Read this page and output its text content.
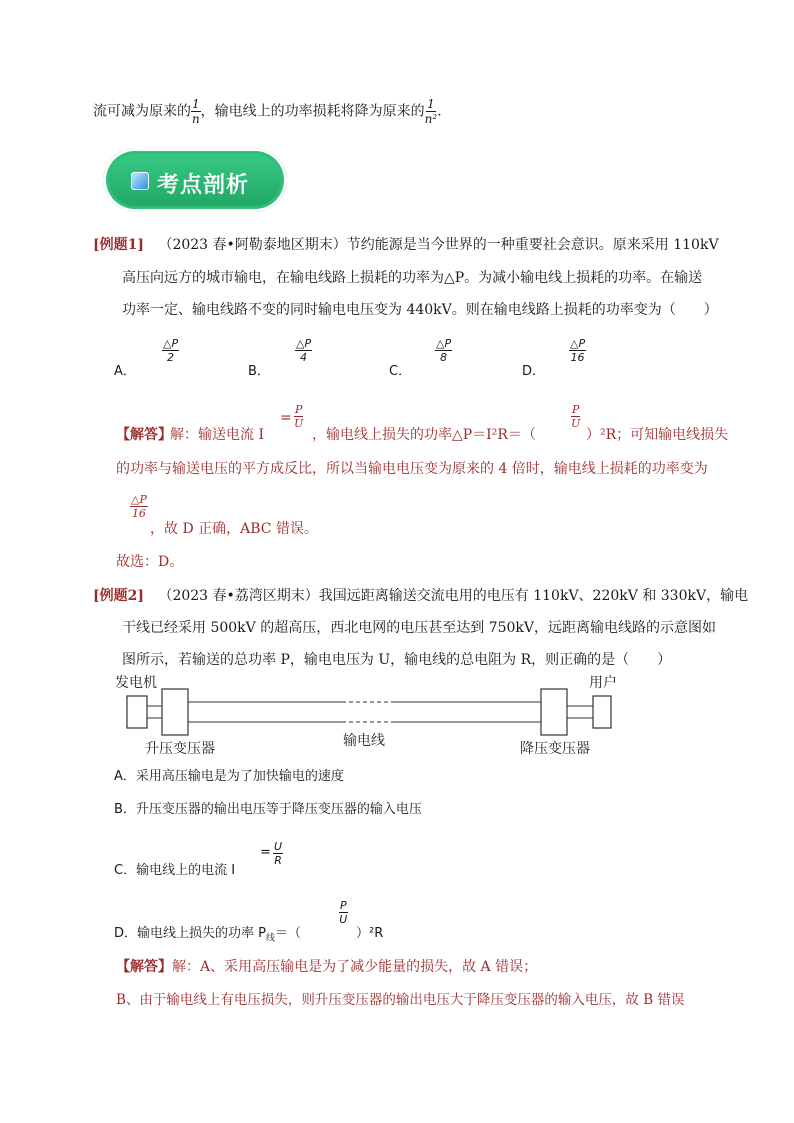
流可减为原来的 $\frac{1}{n}$ ，输电线上的功率损耗将降为原来的 $\frac{1}{\text{n²}}$ .
考点剖析
[例题1] （2023 春•阿勒泰地区期末）节约能源是当今世界的一种重要社会意识。原来采用 110kV
高压向远方的城市输电，在输电线路上损耗的功率为△P。为减小输电线上损耗的功率。在输送
功率一定、输电线路不变的同时输电电压变为 440kV。则在输电线路上损耗的功率变为（　　）
A．
$\frac{\triangle P}{2}$
B．
$\frac{\triangle P}{4}$
C．
$\frac{\triangle P}{8}$
D．
$\frac{\triangle P}{16}$
【解答】
解：输送电流 I
= $\frac{P}{U}$
，输电线上损失的功率△P＝I²R＝（
$\frac{P}{U}$
）²R；可知输电线损失
的功率与输送电压的平方成反比，所以当输电电压变为原来的 4 倍时，输电线上损耗的功率变为
$\frac{\triangle P}{16}$
，故 D 正确，ABC 错误。
故选：D。
[例题2] （2023 春•荔湾区期末）我国远距离输送交流电用的电压有 110kV、220kV 和 330kV，输电
干线已经采用 500kV 的超高压，西北电网的电压甚至达到 750kV，远距离输电线路的示意图如
图所示，若输送的总功率 P，输电电压为 U，输电线的总电阻为 R，则正确的是（　　）
发电机	用户
升压变压器	输电线	降压变压器
A．采用高压输电是为了加快输电的速度
B．升压变压器的输出电压等于降压变压器的输入电压
C．输电线上的电流 I
= $\frac{U}{R}$
D．输电线上损失的功率 $P_线=$（
$\frac{P}{U}$
）²R
【解答】解：A、采用高压输电是为了减少能量的损失，故 A 错误；
B、由于输电线上有电压损失，则升压变压器的输出电压大于降压变压器的输入电压，故 B 错误
